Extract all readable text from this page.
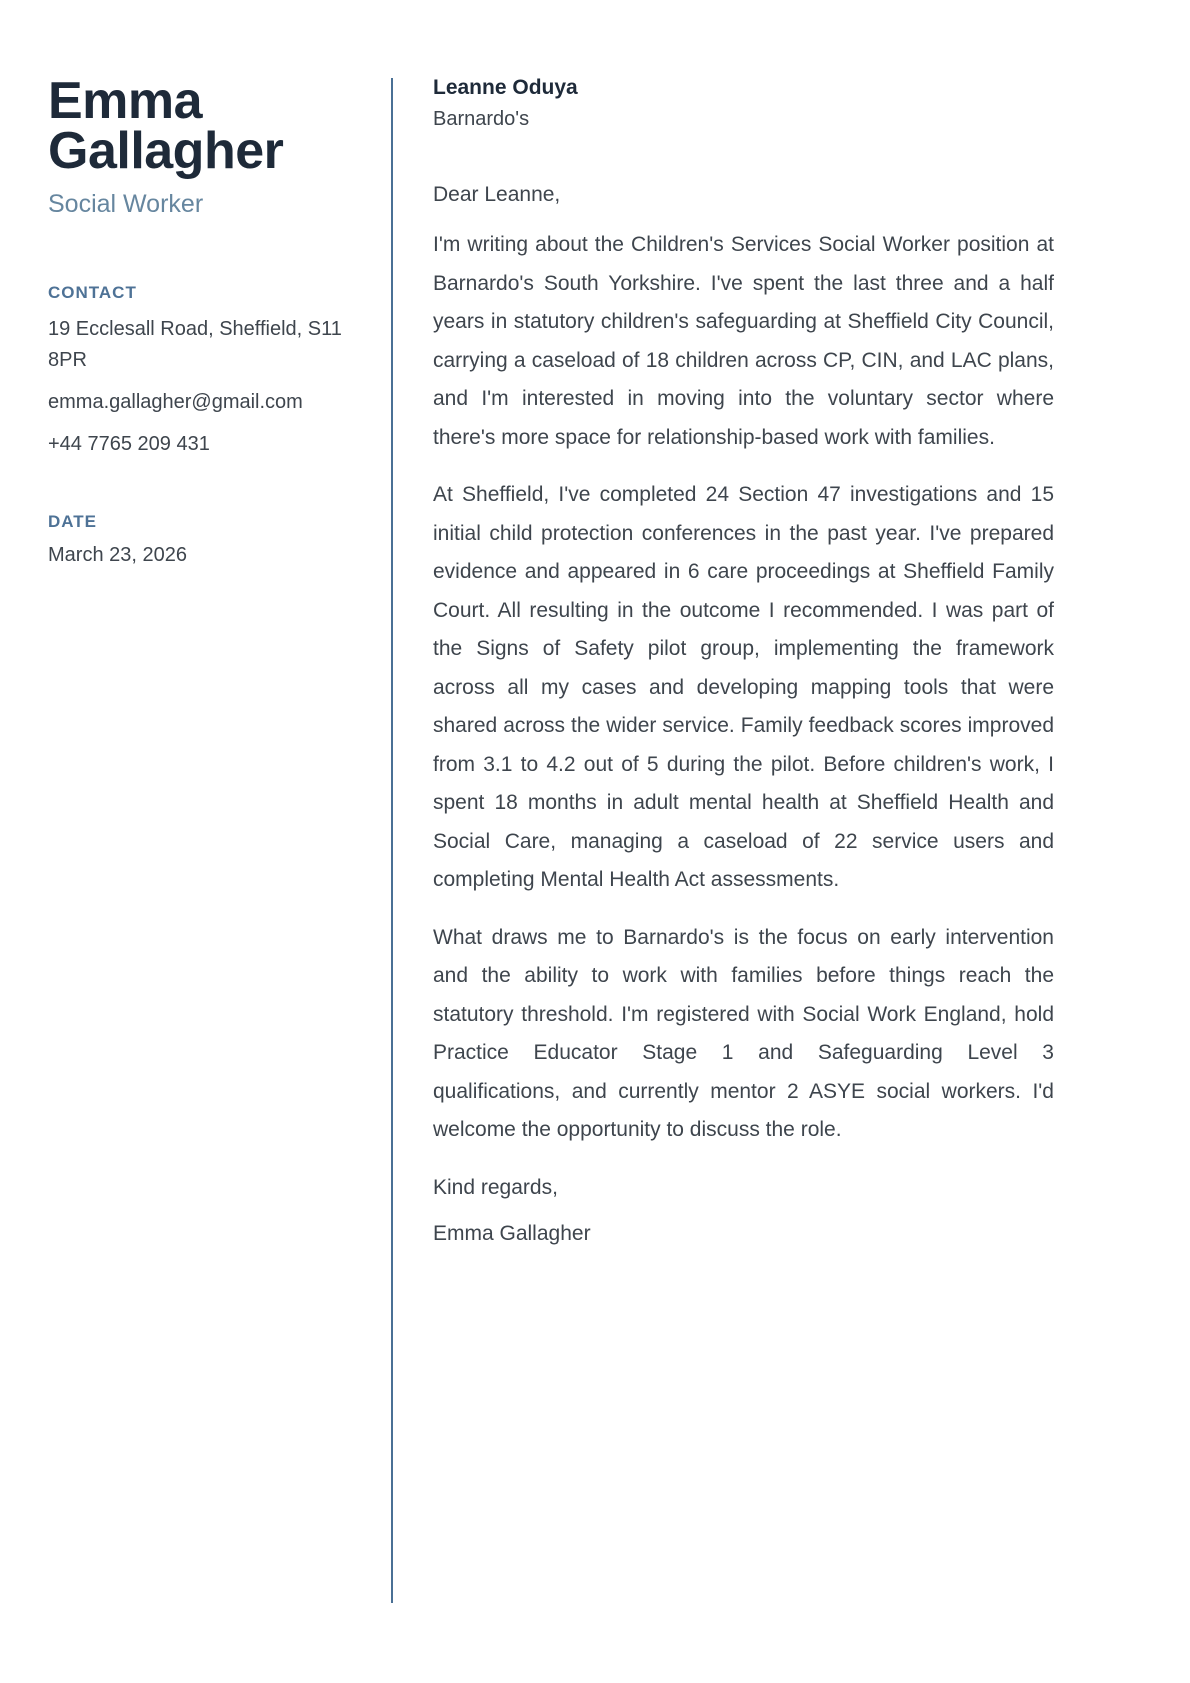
Emma Gallagher
Social Worker
CONTACT
19 Ecclesall Road, Sheffield, S11 8PR
emma.gallagher@gmail.com
+44 7765 209 431
DATE
March 23, 2026
Leanne Oduya
Barnardo's
Dear Leanne,

I'm writing about the Children's Services Social Worker position at Barnardo's South Yorkshire. I've spent the last three and a half years in statutory children's safeguarding at Sheffield City Council, carrying a caseload of 18 children across CP, CIN, and LAC plans, and I'm interested in moving into the voluntary sector where there's more space for relationship-based work with families.

At Sheffield, I've completed 24 Section 47 investigations and 15 initial child protection conferences in the past year. I've prepared evidence and appeared in 6 care proceedings at Sheffield Family Court. All resulting in the outcome I recommended. I was part of the Signs of Safety pilot group, implementing the framework across all my cases and developing mapping tools that were shared across the wider service. Family feedback scores improved from 3.1 to 4.2 out of 5 during the pilot. Before children's work, I spent 18 months in adult mental health at Sheffield Health and Social Care, managing a caseload of 22 service users and completing Mental Health Act assessments.

What draws me to Barnardo's is the focus on early intervention and the ability to work with families before things reach the statutory threshold. I'm registered with Social Work England, hold Practice Educator Stage 1 and Safeguarding Level 3 qualifications, and currently mentor 2 ASYE social workers. I'd welcome the opportunity to discuss the role.

Kind regards,
Emma Gallagher
